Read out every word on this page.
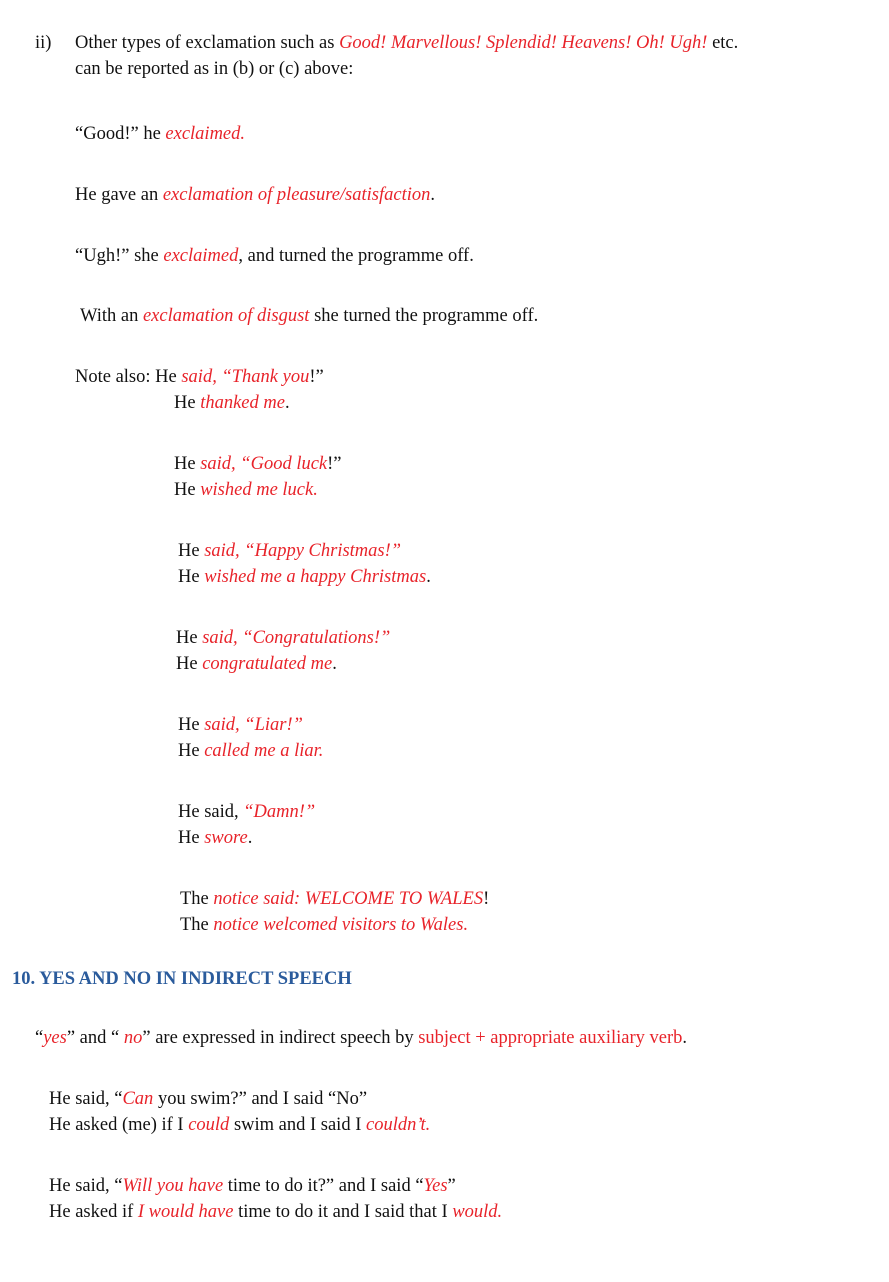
ii) Other types of exclamation such as Good! Marvellous! Splendid! Heavens! Oh! Ugh! etc.
can be reported as in (b) or (c) above:
“Good!” he exclaimed.
He gave an exclamation of pleasure/satisfaction.
“Ugh!” she exclaimed, and turned the programme off.
With an exclamation of disgust she turned the programme off.
Note also: He said, “Thank you!”
He thanked me.
He said, “Good luck!”
He wished me luck.
He said, “Happy Christmas!”
He wished me a happy Christmas.
He said, “Congratulations!”
He congratulated me.
He said, “Liar!”
He called me a liar.
He said, “Damn!”
He swore.
The notice said: WELCOME TO WALES!
The notice welcomed visitors to Wales.
10. YES AND NO IN INDIRECT SPEECH
“yes” and “ no” are expressed in indirect speech by subject + appropriate auxiliary verb.
He said, “Can you swim?” and I said “No”
He asked (me) if I could swim and I said I couldn’t.
He said, “Will you have time to do it?” and I said “Yes”
He asked if I would have time to do it and I said that I would.
